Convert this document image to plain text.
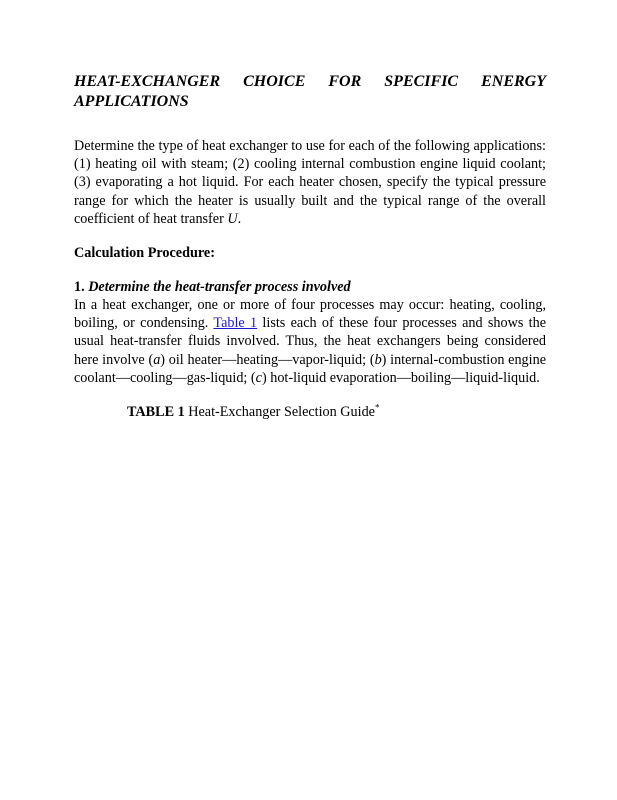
HEAT-EXCHANGER CHOICE FOR SPECIFIC ENERGY
APPLICATIONS

Determine the type of heat exchanger to use for each of the following applications: (1) heating oil with steam; (2) cooling internal combustion engine liquid coolant; (3) evaporating a hot liquid. For each heater chosen, specify the typical pressure range for which the heater is usually built and the typical range of the overall coefficient of heat transfer U.

Calculation Procedure:
1. Determine the heat-transfer process involved

In a heat exchanger, one or more of four processes may occur: heating, cooling, boiling, or condensing. Table 1 lists each of these four processes and shows the usual heat-transfer fluids involved. Thus, the heat exchangers being considered here involve (a) oil heater—heating—vapor-liquid; (b) internal-combustion engine coolant—cooling—gas-liquid; (c) hot-liquid evaporation—boiling—liquid-liquid.

TABLE 1 Heat-Exchanger Selection Guide*
